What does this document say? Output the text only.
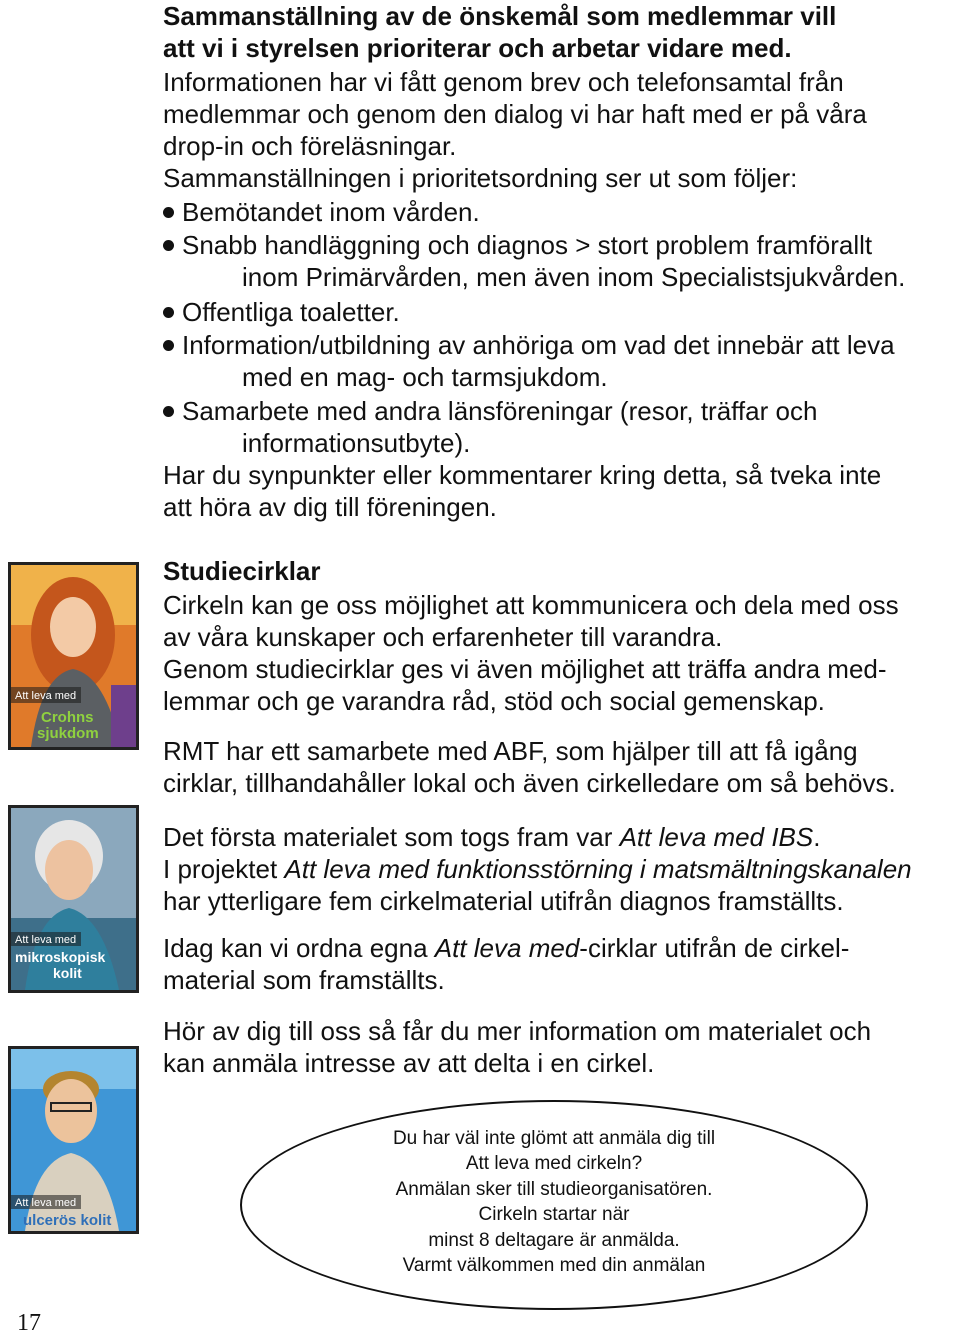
Sammanställning av de önskemål som medlemmar vill
att vi i styrelsen prioriterar och arbetar vidare med.
Informationen har vi fått genom brev och telefonsamtal från
medlemmar och genom den dialog vi har haft med er på våra
drop-in och föreläsningar.
Sammanställningen i prioritetsordning ser ut som följer:
Bemötandet inom vården.
Snabb handläggning och diagnos > stort problem framförallt
inom Primärvården, men även inom Specialistsjukvården.
Offentliga toaletter.
Information/utbildning av anhöriga om vad det innebär att leva
med en mag- och tarmsjukdom.
Samarbete med andra länsföreningar (resor, träffar och
informationsutbyte).
Har du synpunkter eller kommentarer kring detta, så tveka inte
att höra av dig till föreningen.
Studiecirklar
Cirkeln kan ge oss möjlighet att kommunicera och dela med oss
av våra kunskaper och erfarenheter till varandra.
Genom studiecirklar ges vi även möjlighet att träffa andra med-
lemmar och ge varandra råd, stöd och social gemenskap.
RMT har ett samarbete med ABF, som hjälper till att få igång
cirklar, tillhandahåller lokal och även cirkelledare om så behövs.
Det första materialet som togs fram var Att leva med IBS.
I projektet Att leva med funktionsstörning i matsmältningskanalen
har ytterligare fem cirkelmaterial utifrån diagnos framställts.
Idag kan vi ordna egna Att leva med-cirklar utifrån de cirkel-
material som framställts.
Hör av dig till oss så får du mer information om materialet och
kan anmäla intresse av att delta i en cirkel.
Att leva med
Crohns
sjukdom
Att leva med
mikroskopisk
kolit
Att leva med
ulcerös kolit
Du har väl inte glömt att anmäla dig till
Att leva med cirkeln?
Anmälan sker till studieorganisatören.
Cirkeln startar när
minst 8 deltagare är anmälda.
Varmt välkommen med din anmälan
17
